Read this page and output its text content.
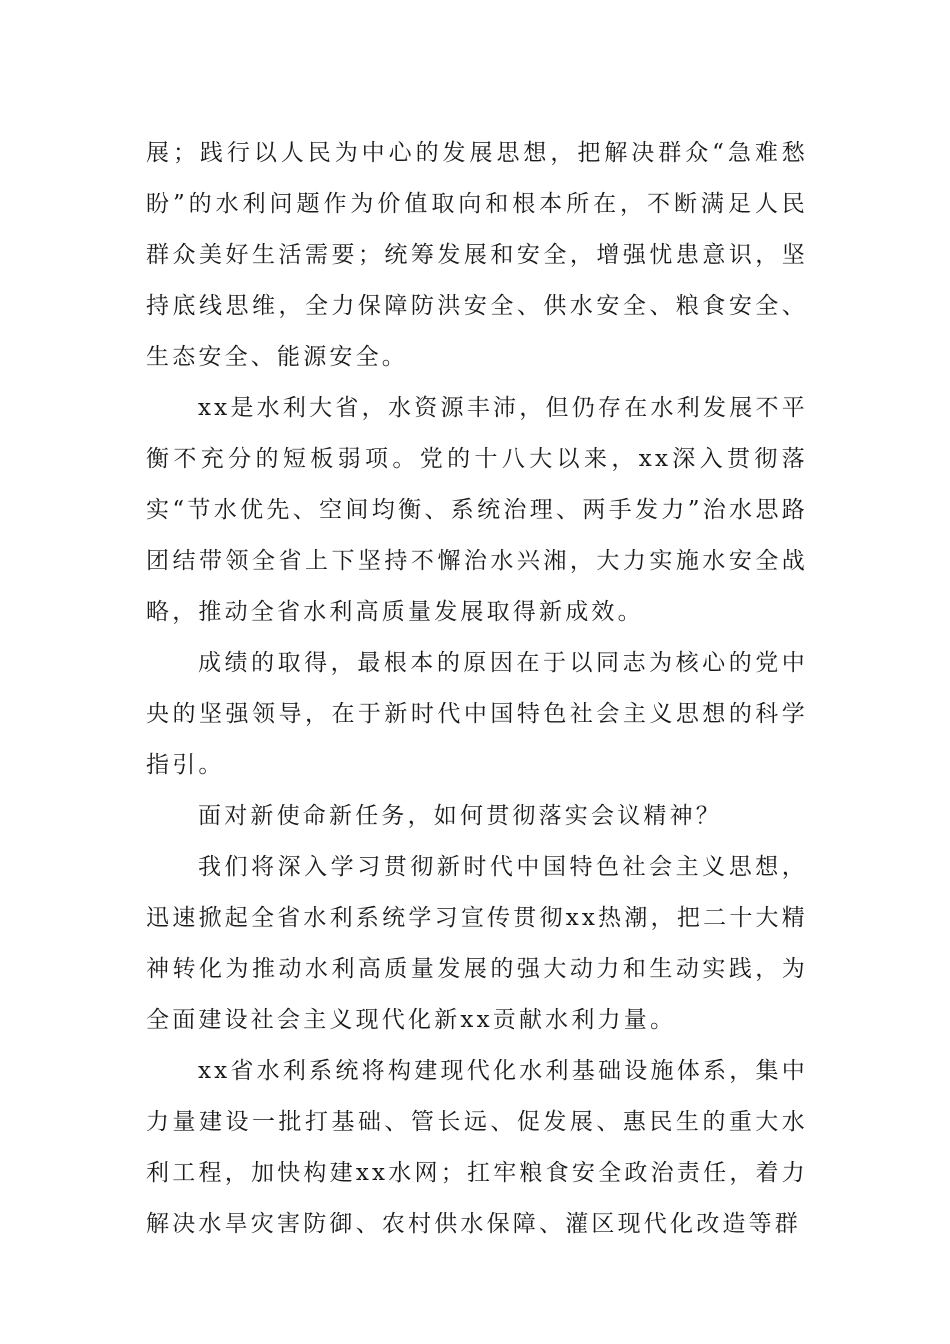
展；践行以人民为中心的发展思想，把解决群众“急难愁盼”的水利问题作为价值取向和根本所在，不断满足人民群众美好生活需要；统筹发展和安全，增强忧患意识，坚持底线思维，全力保障防洪安全、供水安全、粮食安全、生态安全、能源安全。

xx是水利大省，水资源丰沛，但仍存在水利发展不平衡不充分的短板弱项。党的十八大以来，xx深入贯彻落实“节水优先、空间均衡、系统治理、两手发力”治水思路团结带领全省上下坚持不懈治水兴湘，大力实施水安全战略，推动全省水利高质量发展取得新成效。

成绩的取得，最根本的原因在于以同志为核心的党中央的坚强领导，在于新时代中国特色社会主义思想的科学指引。

面对新使命新任务，如何贯彻落实会议精神？

我们将深入学习贯彻新时代中国特色社会主义思想，迅速掀起全省水利系统学习宣传贯彻xx热潮，把二十大精神转化为推动水利高质量发展的强大动力和生动实践，为全面建设社会主义现代化新xx贡献水利力量。

xx省水利系统将构建现代化水利基础设施体系，集中力量建设一批打基础、管长远、促发展、惠民生的重大水利工程，加快构建xx水网；扛牢粮食安全政治责任，着力解决水旱灾害防御、农村供水保障、灌区现代化改造等群
